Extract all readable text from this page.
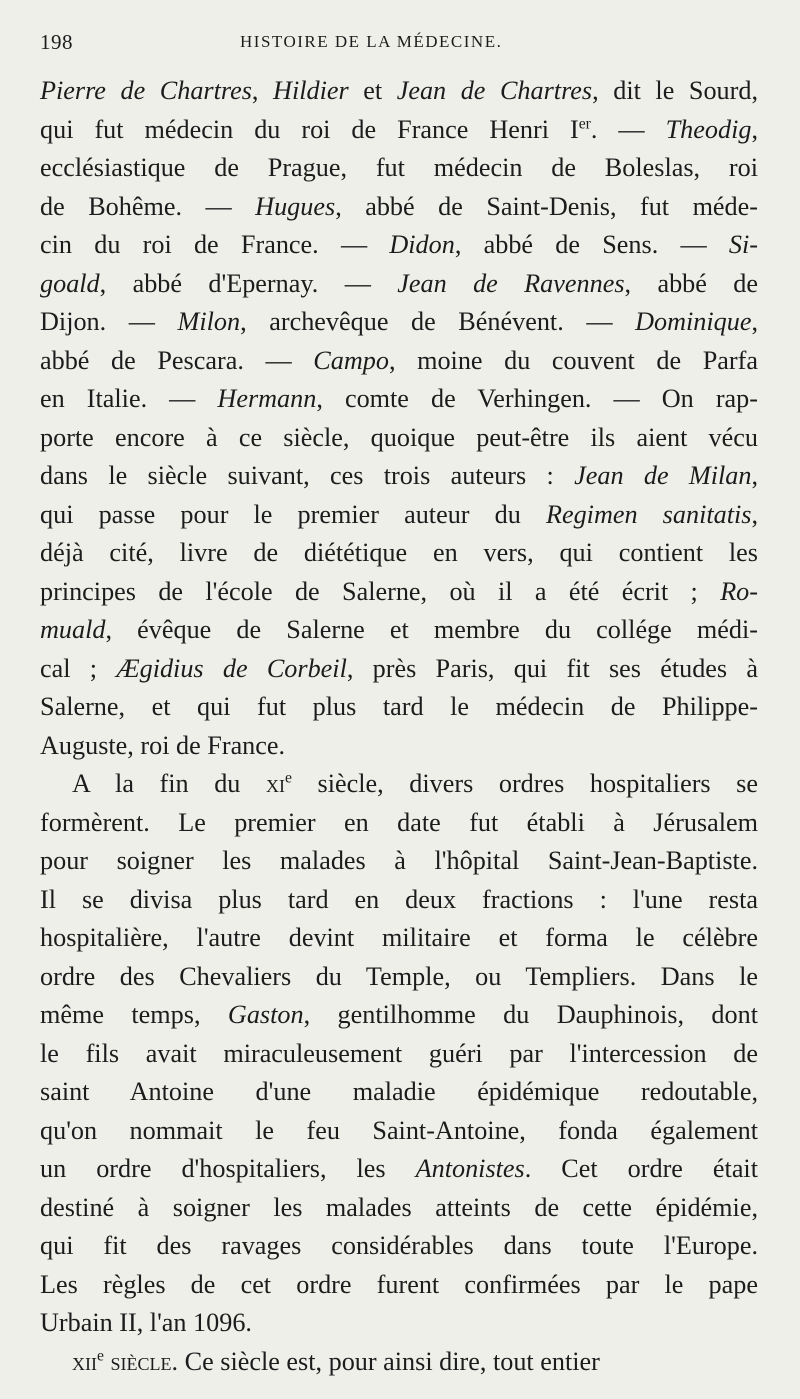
198	HISTOIRE DE LA MÉDECINE.
Pierre de Chartres, Hildier et Jean de Chartres, dit le Sourd,
qui fut médecin du roi de France Henri Ier. — Theodig,
ecclésiastique de Prague, fut médecin de Boleslas, roi
de Bohême. — Hugues, abbé de Saint-Denis, fut méde-
cin du roi de France. — Didon, abbé de Sens. — Si-
goald, abbé d'Epernay. — Jean de Ravennes, abbé de
Dijon. — Milon, archevêque de Bénévent. — Dominique,
abbé de Pescara. — Campo, moine du couvent de Parfa
en Italie. — Hermann, comte de Verhingen. — On rap-
porte encore à ce siècle, quoique peut-être ils aient vécu
dans le siècle suivant, ces trois auteurs : Jean de Milan,
qui passe pour le premier auteur du Regimen sanitatis,
déjà cité, livre de diététique en vers, qui contient les
principes de l'école de Salerne, où il a été écrit ; Ro-
muald, évêque de Salerne et membre du collége médi-
cal ; Ægidius de Corbeil, près Paris, qui fit ses études à
Salerne, et qui fut plus tard le médecin de Philippe-
Auguste, roi de France.
A la fin du $xi^e$ siècle, divers ordres hospitaliers se
formèrent. Le premier en date fut établi à Jérusalem
pour soigner les malades à l'hôpital Saint-Jean-Baptiste.
Il se divisa plus tard en deux fractions : l'une resta
hospitalière, l'autre devint militaire et forma le célèbre
ordre des Chevaliers du Temple, ou Templiers. Dans le
même temps, Gaston, gentilhomme du Dauphinois, dont
le fils avait miraculeusement guéri par l'intercession de
saint Antoine d'une maladie épidémique redoutable,
qu'on nommait le feu Saint-Antoine, fonda également
un ordre d'hospitaliers, les Antonistes. Cet ordre était
destiné à soigner les malades atteints de cette épidémie,
qui fit des ravages considérables dans toute l'Europe.
Les règles de cet ordre furent confirmées par le pape
Urbain II, l'an 1096.
xii$^e$ siècle. Ce siècle est, pour ainsi dire, tout entier
